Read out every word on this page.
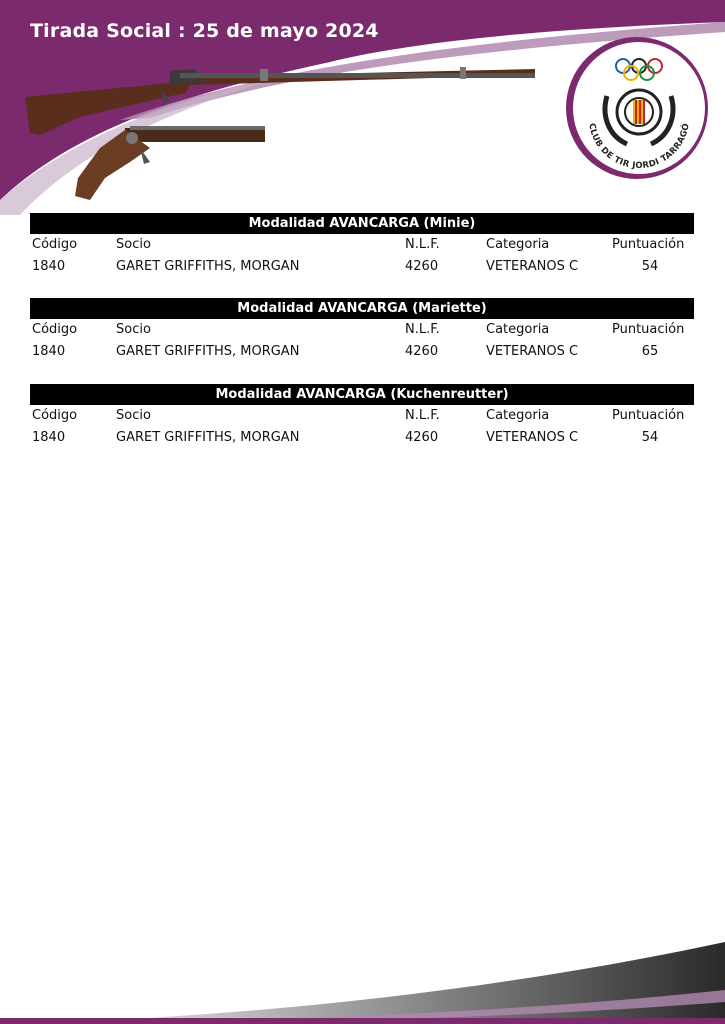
Tirada Social : 25 de mayo 2024
CLUB DE TIR JORDI TARRAGÓ
Modalidad AVANCARGA (Minie)
Código	Socio	N.L.F.	Categoria	Puntuación
1840	GARET GRIFFITHS, MORGAN	4260	VETERANOS C	54
Modalidad AVANCARGA (Mariette)
Código	Socio	N.L.F.	Categoria	Puntuación
1840	GARET GRIFFITHS, MORGAN	4260	VETERANOS C	65
Modalidad AVANCARGA (Kuchenreutter)
Código	Socio	N.L.F.	Categoria	Puntuación
1840	GARET GRIFFITHS, MORGAN	4260	VETERANOS C	54
